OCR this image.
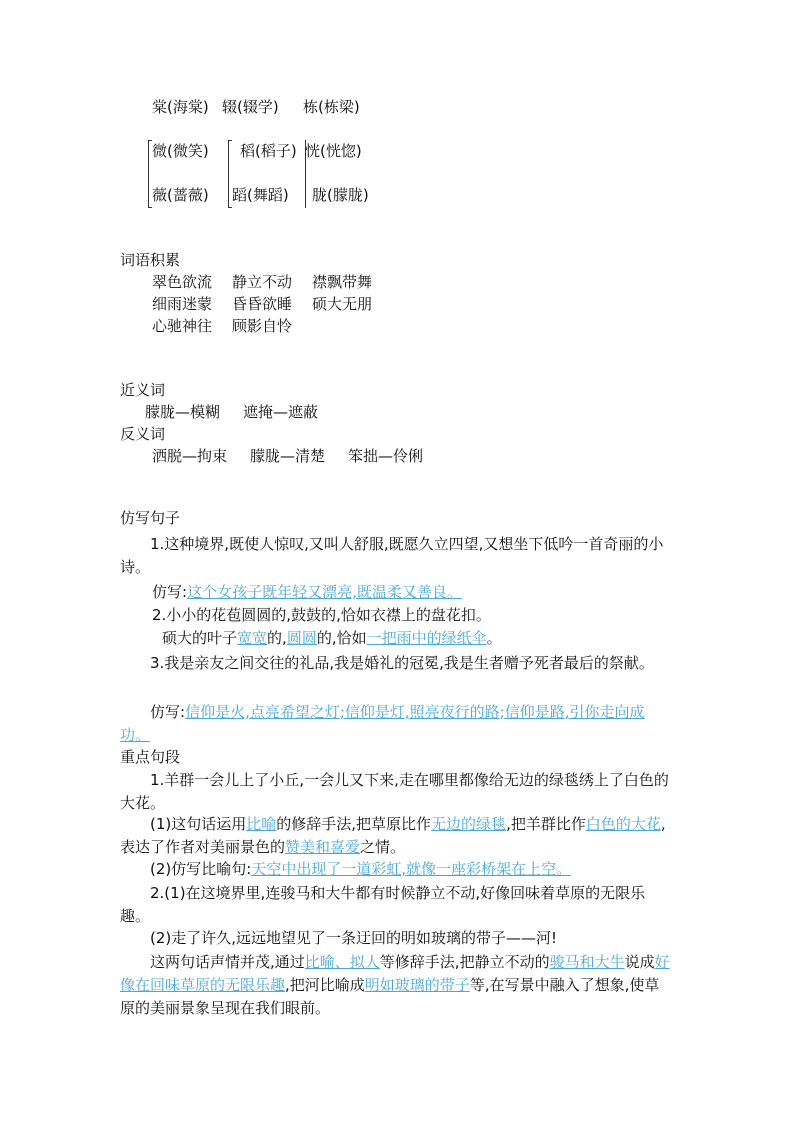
棠(海棠) 辍(辍学) 栋(栋梁)
微(微笑)
薇(蔷薇)
稻(稻子)
蹈(舞蹈)
恍(恍惚)
胧(朦胧)
词语积累
翠色欲流 静立不动 襟飘带舞
细雨迷蒙 昏昏欲睡 硕大无朋
心驰神往 顾影自怜
近义词
朦胧—模糊 遮掩—遮蔽
反义词
洒脱—拘束 朦胧—清楚 笨拙—伶俐
仿写句子
1.这种境界,既使人惊叹,又叫人舒服,既愿久立四望,又想坐下低吟一首奇丽的小诗。
仿写:这个女孩子既年轻又漂亮,既温柔又善良。
2.小小的花苞圆圆的,鼓鼓的,恰如衣襟上的盘花扣。
硕大的叶子宽宽的,圆圆的,恰如一把雨中的绿纸伞。
3.我是亲友之间交往的礼品,我是婚礼的冠冕,我是生者赠予死者最后的祭献。
仿写:信仰是火,点亮希望之灯;信仰是灯,照亮夜行的路;信仰是路,引你走向成功。
重点句段
1.羊群一会儿上了小丘,一会儿又下来,走在哪里都像给无边的绿毯绣上了白色的大花。
(1)这句话运用比喻的修辞手法,把草原比作无边的绿毯,把羊群比作白色的大花,表达了作者对美丽景色的赞美和喜爱之情。
(2)仿写比喻句:天空中出现了一道彩虹,就像一座彩桥架在上空。
2.(1)在这境界里,连骏马和大牛都有时候静立不动,好像回味着草原的无限乐趣。
(2)走了许久,远远地望见了一条迂回的明如玻璃的带子——河!
这两句话声情并茂,通过比喻、拟人等修辞手法,把静立不动的骏马和大牛说成好像在回味草原的无限乐趣,把河比喻成明如玻璃的带子等,在写景中融入了想象,使草原的美丽景象呈现在我们眼前。
